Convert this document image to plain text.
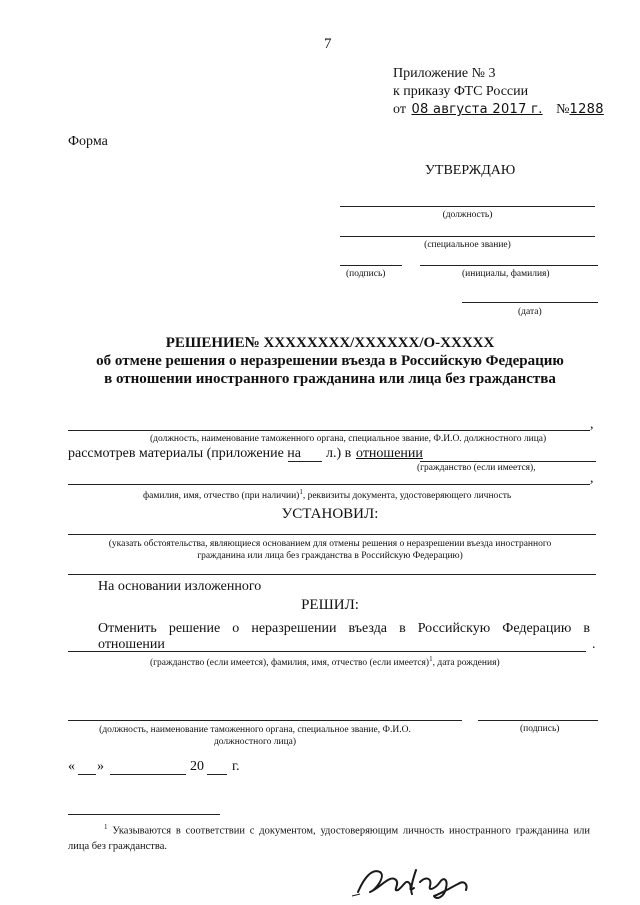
7
Приложение № 3
к приказу ФТС России
от 08 августа 2017 г. №1288
Форма
УТВЕРЖДАЮ
(должность)
(специальное звание)
(подпись)	(инициалы, фамилия)
(дата)
РЕШЕНИЕ№ XXXXXXXX/XXXXXX/О-XXXXX
об отмене решения о неразрешении въезда в Российскую Федерацию
в отношении иностранного гражданина или лица без гражданства
,
(должность, наименование таможенного органа, специальное звание, Ф.И.О. должностного лица)
рассмотрев материалы (приложение на л.) в отношении
(гражданство (если имеется),
,
фамилия, имя, отчество (при наличии)$^1$, реквизиты документа, удостоверяющего личность
УСТАНОВИЛ:
(указать обстоятельства, являющиеся основанием для отмены решения о неразрешении въезда иностранного гражданина или лица без гражданства в Российскую Федерацию)
На основании изложенного
РЕШИЛ:
Отменить решение о неразрешении въезда в Российскую Федерацию в отношении	.
(гражданство (если имеется), фамилия, имя, отчество (если имеется)$^1$, дата рождения)
(должность, наименование таможенного органа, специальное звание, Ф.И.О. должностного лица)
(подпись)
« »	20 г.
$^1$ Указываются в соответствии с документом, удостоверяющим личность иностранного гражданина или лица без гражданства.
